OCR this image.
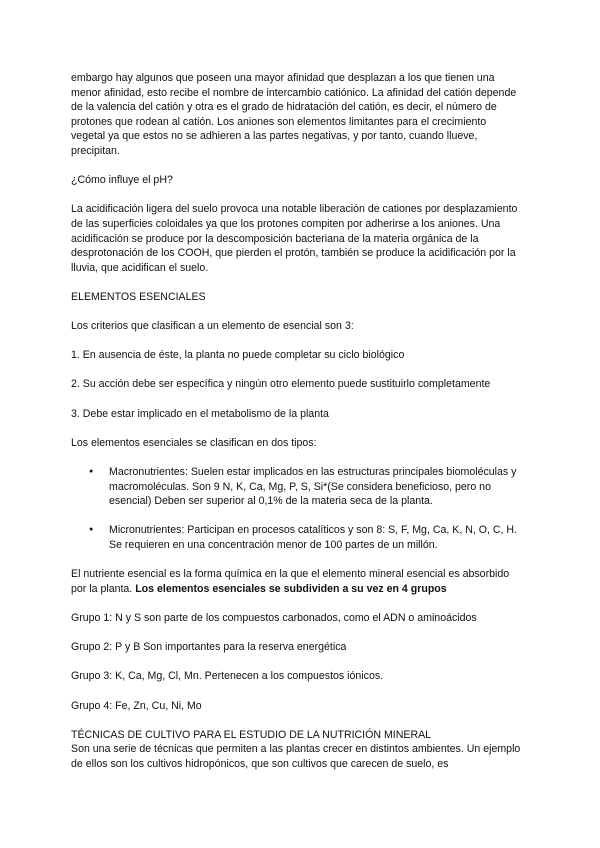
embargo hay algunos que poseen una mayor afinidad que desplazan a los que tienen una menor afinidad, esto recibe el nombre de intercambio catiónico. La afinidad del catión depende de la valencia del catión y otra es el grado de hidratación del catión, es decir, el número de protones que rodean al catión. Los aniones son elementos limitantes para el crecimiento vegetal ya que estos no se adhieren a las partes negativas, y por tanto, cuando llueve, precipitan.

¿Cómo influye el pH?

La acidificación ligera del suelo provoca una notable liberación de cationes por desplazamiento de las superficies coloidales ya que los protones compiten por adherirse a los aniones. Una acidificación se produce por la descomposición bacteriana de la materia orgánica de la desprotonación de los COOH, que pierden el protón, también se produce la acidificación por la lluvia, que acidifican el suelo.

ELEMENTOS ESENCIALES

Los criterios que clasifican a un elemento de esencial son 3:

1. En ausencia de éste, la planta no puede completar su ciclo biológico

2. Su acción debe ser específica y ningún otro elemento puede sustituirlo completamente

3. Debe estar implicado en el metabolismo de la planta

Los elementos esenciales se clasifican en dos tipos:

● Macronutrientes: Suelen estar implicados en las estructuras principales biomoléculas y macromoléculas. Son 9 N, K, Ca, Mg, P, S, Si*(Se considera beneficioso, pero no esencial) Deben ser superior al 0,1% de la materia seca de la planta.
● Micronutrientes: Participan en procesos catalíticos y son 8: S, F, Mg, Ca, K, N, O, C, H. Se requieren en una concentración menor de 100 partes de un millón.

El nutriente esencial es la forma química en la que el elemento mineral esencial es absorbido por la planta. Los elementos esenciales se subdividen a su vez en 4 grupos

Grupo 1: N y S son parte de los compuestos carbonados, como el ADN o aminoácidos

Grupo 2: P y B Son importantes para la reserva energética

Grupo 3: K, Ca, Mg, Cl, Mn. Pertenecen a los compuestos iónicos.

Grupo 4: Fe, Zn, Cu, Ni, Mo

TÉCNICAS DE CULTIVO PARA EL ESTUDIO DE LA NUTRICIÓN MINERAL

Son una serie de técnicas que permiten a las plantas crecer en distintos ambientes. Un ejemplo de ellos son los cultivos hidropónicos, que son cultivos que carecen de suelo, es
